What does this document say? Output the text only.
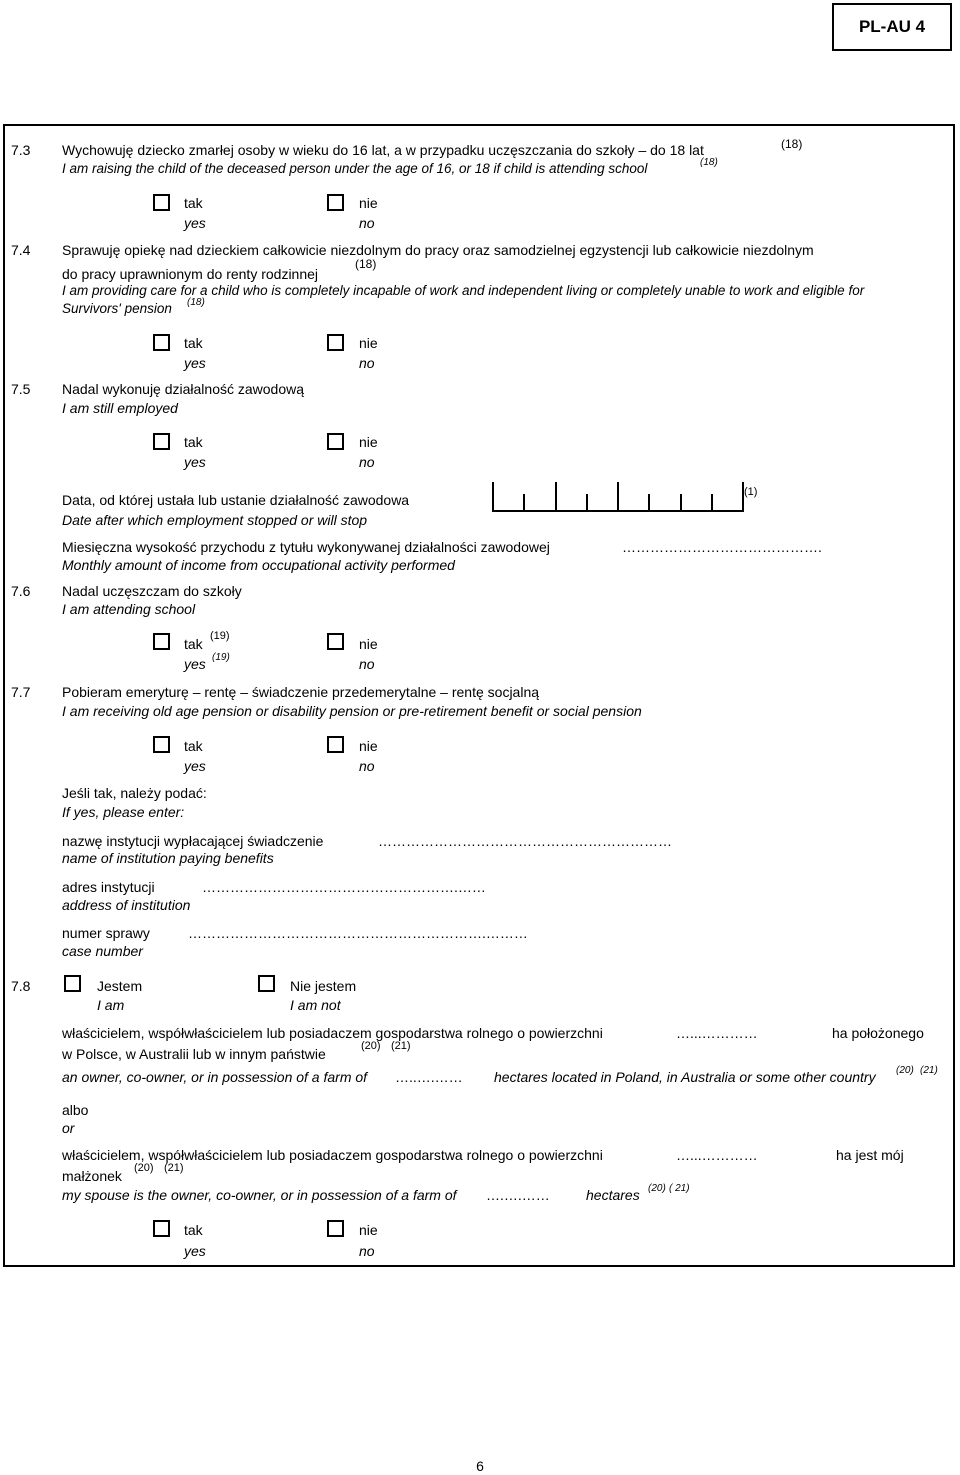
PL-AU 4
7.3 Wychowuję dziecko zmarłej osoby w wieku do 16 lat, a w przypadku uczęszczania do szkoły – do 18 lat	(18)
I am raising the child of the deceased person under the age of 16, or 18 if child is attending school	(18)
tak
yes
nie
no
7.4 Sprawuję opiekę nad dzieckiem całkowicie niezdolnym do pracy oraz samodzielnej egzystencji lub całkowicie niezdolnym
do pracy uprawnionym do renty rodzinnej
(18)
I am providing care for a child who is completely incapable of work and independent living or completely unable to work and eligible for
Survivors' pension (18)
tak
yes
nie
no
7.5 Nadal wykonuję działalność zawodową
I am still employed
tak
yes
nie
no
Data, od której ustała lub ustanie działalność zawodowa
Date after which employment stopped or will stop
(1)
Miesięczna wysokość przychodu z tytułu wykonywanej działalności zawodowej
Monthly amount of income from occupational activity performed
…………………………………….
7.6 Nadal uczęszczam do szkoły
I am attending school
tak (19)
yes (19)
nie
no
7.7 Pobieram emeryturę – rentę – świadczenie przedemerytalne – rentę socjalną
I am receiving old age pension or disability pension or pre-retirement benefit or social pension
tak
yes
nie
no
Jeśli tak, należy podać:
If yes, please enter:
nazwę instytucji wypłacającej świadczenie
name of institution paying benefits
………………………………………………………
adres instytucji
address of institution
……………………………………………….……
numer sprawy
case number
……………………………………………………….………
7.8	Jestem
I am
Nie jestem
I am not
właścicielem, współwłaścicielem lub posiadaczem gospodarstwa rolnego o powierzchni	…...…………	ha położonego
w Polsce, w Australii lub w innym państwie	(20) (21)
an owner, co-owner, or in possession of a farm of …..….…… hectares located in Poland, in Australia or some other country (20) (21)
albo
or
właścicielem, współwłaścicielem lub posiadaczem gospodarstwa rolnego o powierzchni	…...…………	ha jest mój
małżonek (20) (21)
my spouse is the owner, co-owner, or in possession of a farm of ….….……	hectares (20) ( 21)
tak
yes
nie
no
6
